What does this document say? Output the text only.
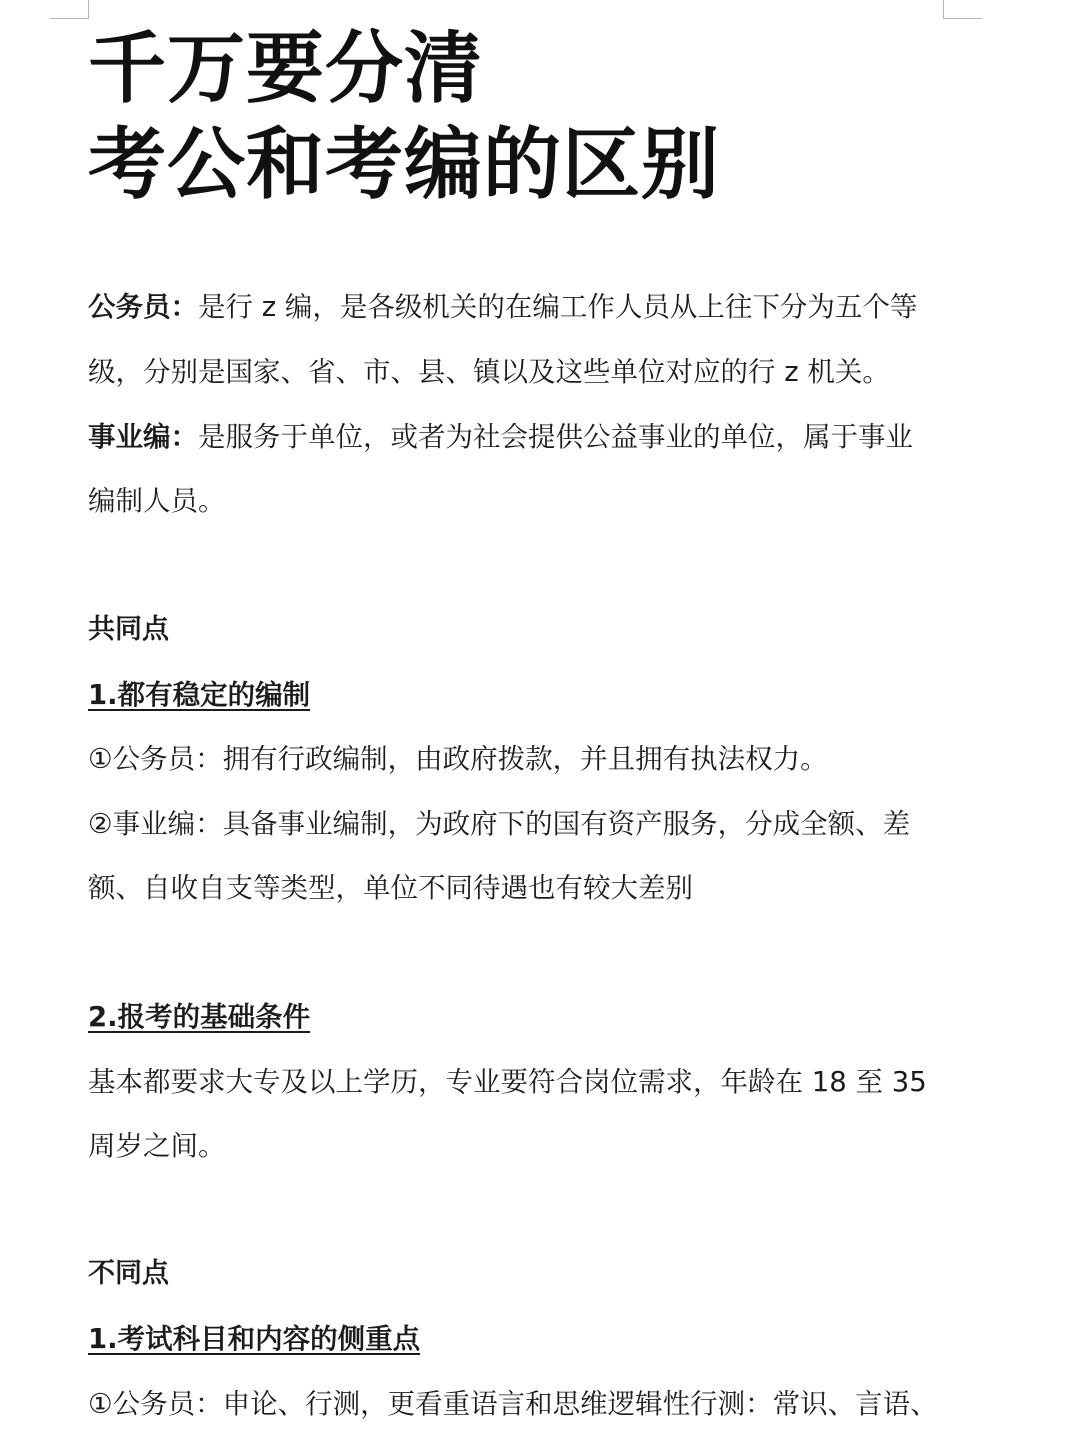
千万要分清
考公和考编的区别
公务员：是行 z 编，是各级机关的在编工作人员从上往下分为五个等
级，分别是国家、省、市、县、镇以及这些单位对应的行 z 机关。
事业编：是服务于单位，或者为社会提供公益事业的单位，属于事业
编制人员。
共同点
1.都有稳定的编制
①公务员：拥有行政编制，由政府拨款，并且拥有执法权力。
②事业编：具备事业编制，为政府下的国有资产服务，分成全额、差
额、自收自支等类型，单位不同待遇也有较大差别
2.报考的基础条件
基本都要求大专及以上学历，专业要符合岗位需求，年龄在 18 至 35
周岁之间。
不同点
1.考试科目和内容的侧重点
①公务员：申论、行测，更看重语言和思维逻辑性行测：常识、言语、
